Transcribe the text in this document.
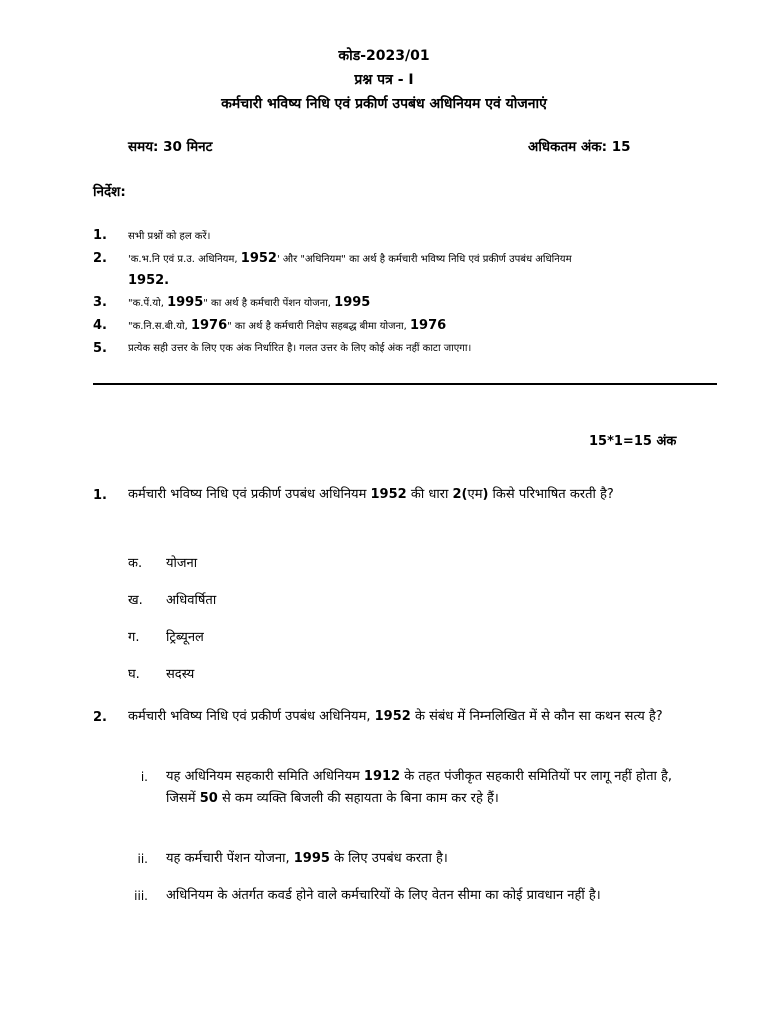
कोड-2023/01
प्रश्न पत्र - I
कर्मचारी भविष्य निधि एवं प्रकीर्ण उपबंध अधिनियम एवं योजनाएं
समय: 30 मिनट	अधिकतम अंक: 15
निर्देश:
1. सभी प्रश्नों को हल करें।
2. 'क.भ.नि एवं प्र.उ. अधिनियम, 1952' और "अधिनियम" का अर्थ है कर्मचारी भविष्य निधि एवं प्रकीर्ण उपबंध अधिनियम
1952.
3. "क.पें.यो, 1995" का अर्थ है कर्मचारी पेंशन योजना, 1995
4. "क.नि.स.बी.यो, 1976" का अर्थ है कर्मचारी निक्षेप सहबद्ध बीमा योजना, 1976
5. प्रत्येक सही उत्तर के लिए एक अंक निर्धारित है। गलत उत्तर के लिए कोई अंक नहीं काटा जाएगा।
15*1=15 अंक
1. कर्मचारी भविष्य निधि एवं प्रकीर्ण उपबंध अधिनियम 1952 की धारा 2(एम) किसे परिभाषित करती है?
क. योजना
ख. अधिवर्षिता
ग. ट्रिब्यूनल
घ. सदस्य
2. कर्मचारी भविष्य निधि एवं प्रकीर्ण उपबंध अधिनियम, 1952 के संबंध में निम्नलिखित में से कौन सा कथन सत्य है?
i. यह अधिनियम सहकारी समिति अधिनियम 1912 के तहत पंजीकृत सहकारी समितियों पर लागू नहीं होता है, जिसमें 50 से कम व्यक्ति बिजली की सहायता के बिना काम कर रहे हैं।
ii. यह कर्मचारी पेंशन योजना, 1995 के लिए उपबंध करता है।
iii. अधिनियम के अंतर्गत कवर्ड होने वाले कर्मचारियों के लिए वेतन सीमा का कोई प्रावधान नहीं है।
